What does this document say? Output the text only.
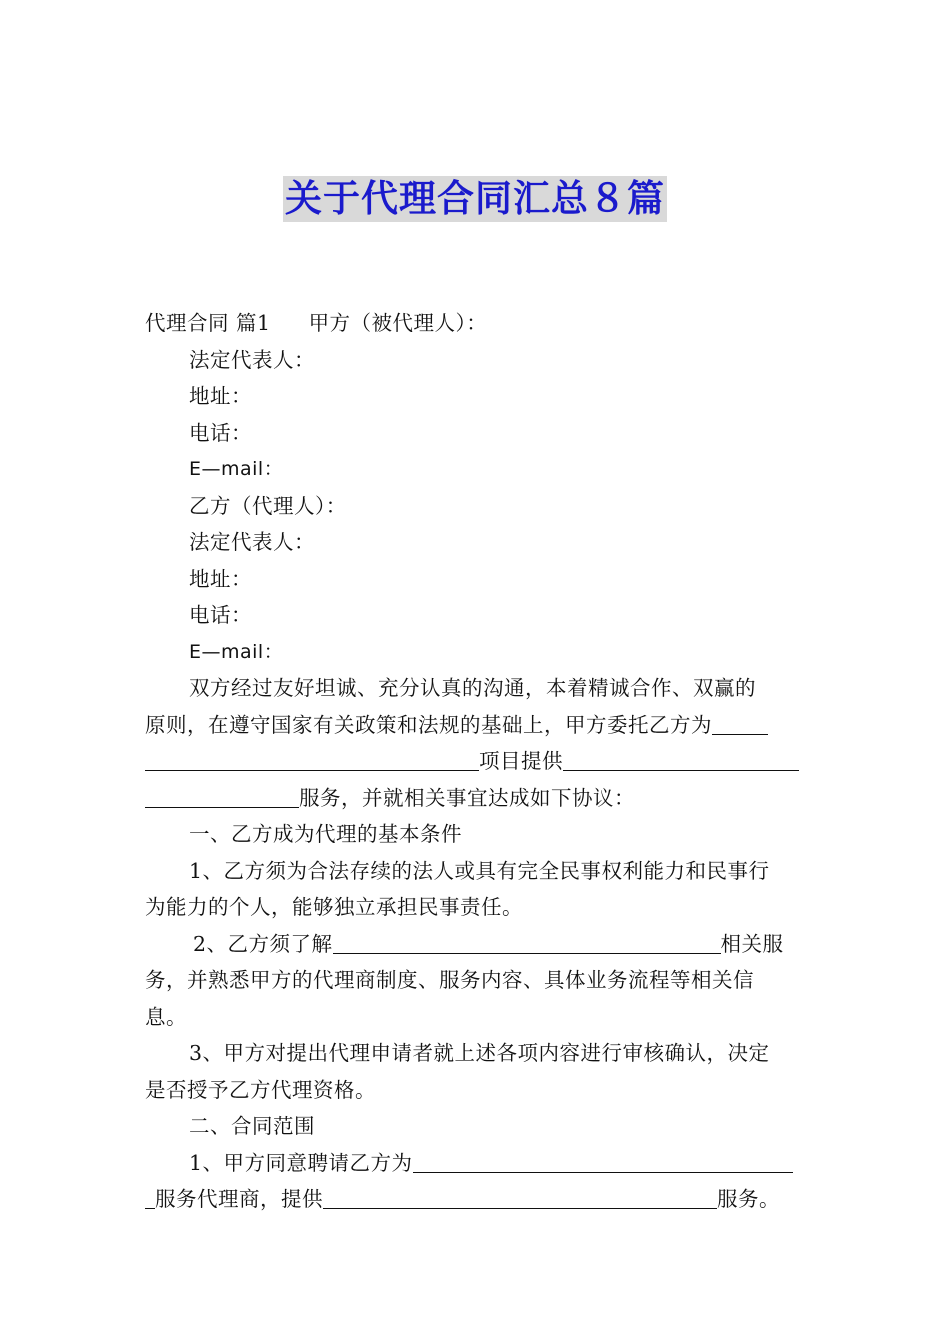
关于代理合同汇总８篇
代理合同 篇1 甲方（被代理人）：
法定代表人：
地址：
电话：
E—mail：
乙方（代理人）：
法定代表人：
地址：
电话：
E—mail：
双方经过友好坦诚、充分认真的沟通，本着精诚合作、双赢的
原则，在遵守国家有关政策和法规的基础上，甲方委托乙方为
项目提供
服务，并就相关事宜达成如下协议：
一、乙方成为代理的基本条件
1、乙方须为合法存续的法人或具有完全民事权利能力和民事行
为能力的个人，能够独立承担民事责任。
2、乙方须了解	相关服
务，并熟悉甲方的代理商制度、服务内容、具体业务流程等相关信
息。
3、甲方对提出代理申请者就上述各项内容进行审核确认，决定
是否授予乙方代理资格。
二、合同范围
1、甲方同意聘请乙方为
服务代理商，提供	服务。
